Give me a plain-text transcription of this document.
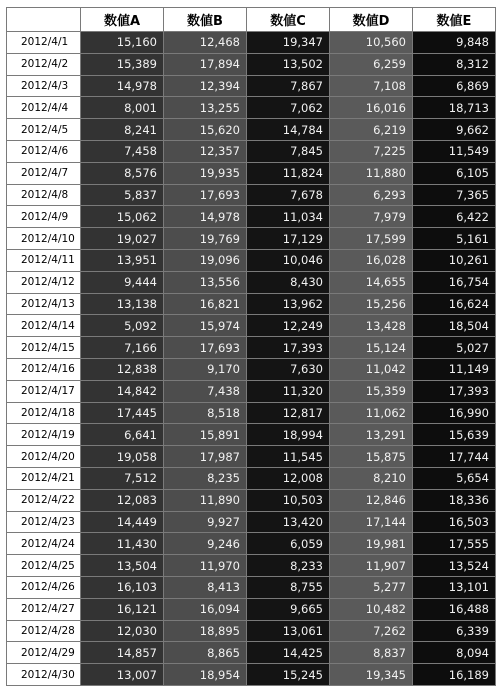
	数値A	数値B	数値C	数値D	数値E
2012/4/1	15,160	12,468	19,347	10,560	9,848
2012/4/2	15,389	17,894	13,502	6,259	8,312
2012/4/3	14,978	12,394	7,867	7,108	6,869
2012/4/4	8,001	13,255	7,062	16,016	18,713
2012/4/5	8,241	15,620	14,784	6,219	9,662
2012/4/6	7,458	12,357	7,845	7,225	11,549
2012/4/7	8,576	19,935	11,824	11,880	6,105
2012/4/8	5,837	17,693	7,678	6,293	7,365
2012/4/9	15,062	14,978	11,034	7,979	6,422
2012/4/10	19,027	19,769	17,129	17,599	5,161
2012/4/11	13,951	19,096	10,046	16,028	10,261
2012/4/12	9,444	13,556	8,430	14,655	16,754
2012/4/13	13,138	16,821	13,962	15,256	16,624
2012/4/14	5,092	15,974	12,249	13,428	18,504
2012/4/15	7,166	17,693	17,393	15,124	5,027
2012/4/16	12,838	9,170	7,630	11,042	11,149
2012/4/17	14,842	7,438	11,320	15,359	17,393
2012/4/18	17,445	8,518	12,817	11,062	16,990
2012/4/19	6,641	15,891	18,994	13,291	15,639
2012/4/20	19,058	17,987	11,545	15,875	17,744
2012/4/21	7,512	8,235	12,008	8,210	5,654
2012/4/22	12,083	11,890	10,503	12,846	18,336
2012/4/23	14,449	9,927	13,420	17,144	16,503
2012/4/24	11,430	9,246	6,059	19,981	17,555
2012/4/25	13,504	11,970	8,233	11,907	13,524
2012/4/26	16,103	8,413	8,755	5,277	13,101
2012/4/27	16,121	16,094	9,665	10,482	16,488
2012/4/28	12,030	18,895	13,061	7,262	6,339
2012/4/29	14,857	8,865	14,425	8,837	8,094
2012/4/30	13,007	18,954	15,245	19,345	16,189
